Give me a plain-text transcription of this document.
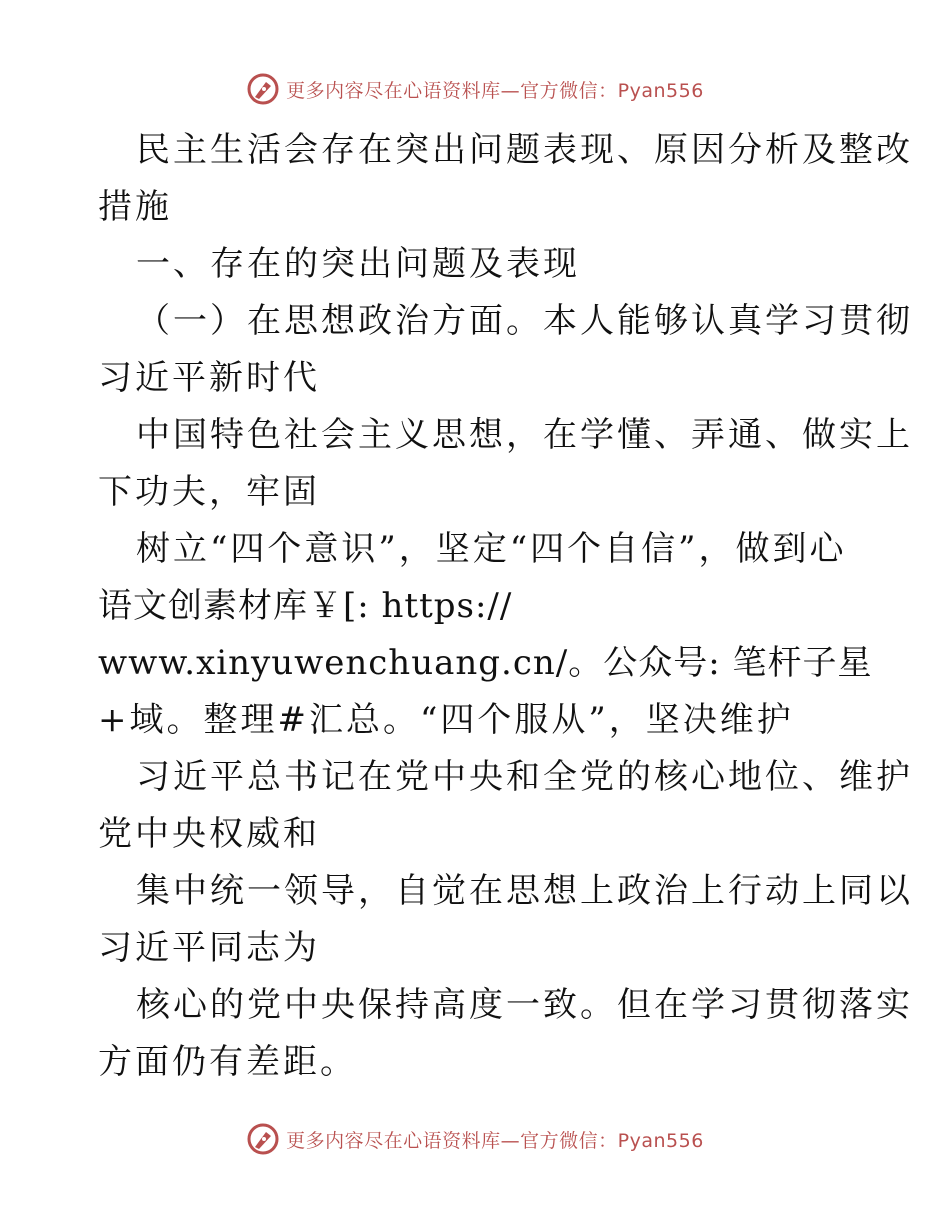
更多内容尽在心语资料库—官方微信：Pyan556
民主生活会存在突出问题表现、原因分析及整改
措施
一、存在的突出问题及表现
（一）在思想政治方面。本人能够认真学习贯彻
习近平新时代
中国特色社会主义思想，在学懂、弄通、做实上
下功夫，牢固
树立“四个意识”，坚定“四个自信”，做到心
语文创素材库￥[: https://
www.xinyuwenchuang.cn/。公众号: 笔杆子星
+域。整理#汇总。“四个服从”，坚决维护
习近平总书记在党中央和全党的核心地位、维护
党中央权威和
集中统一领导，自觉在思想上政治上行动上同以
习近平同志为
核心的党中央保持高度一致。但在学习贯彻落实
方面仍有差距。
更多内容尽在心语资料库—官方微信：Pyan556
